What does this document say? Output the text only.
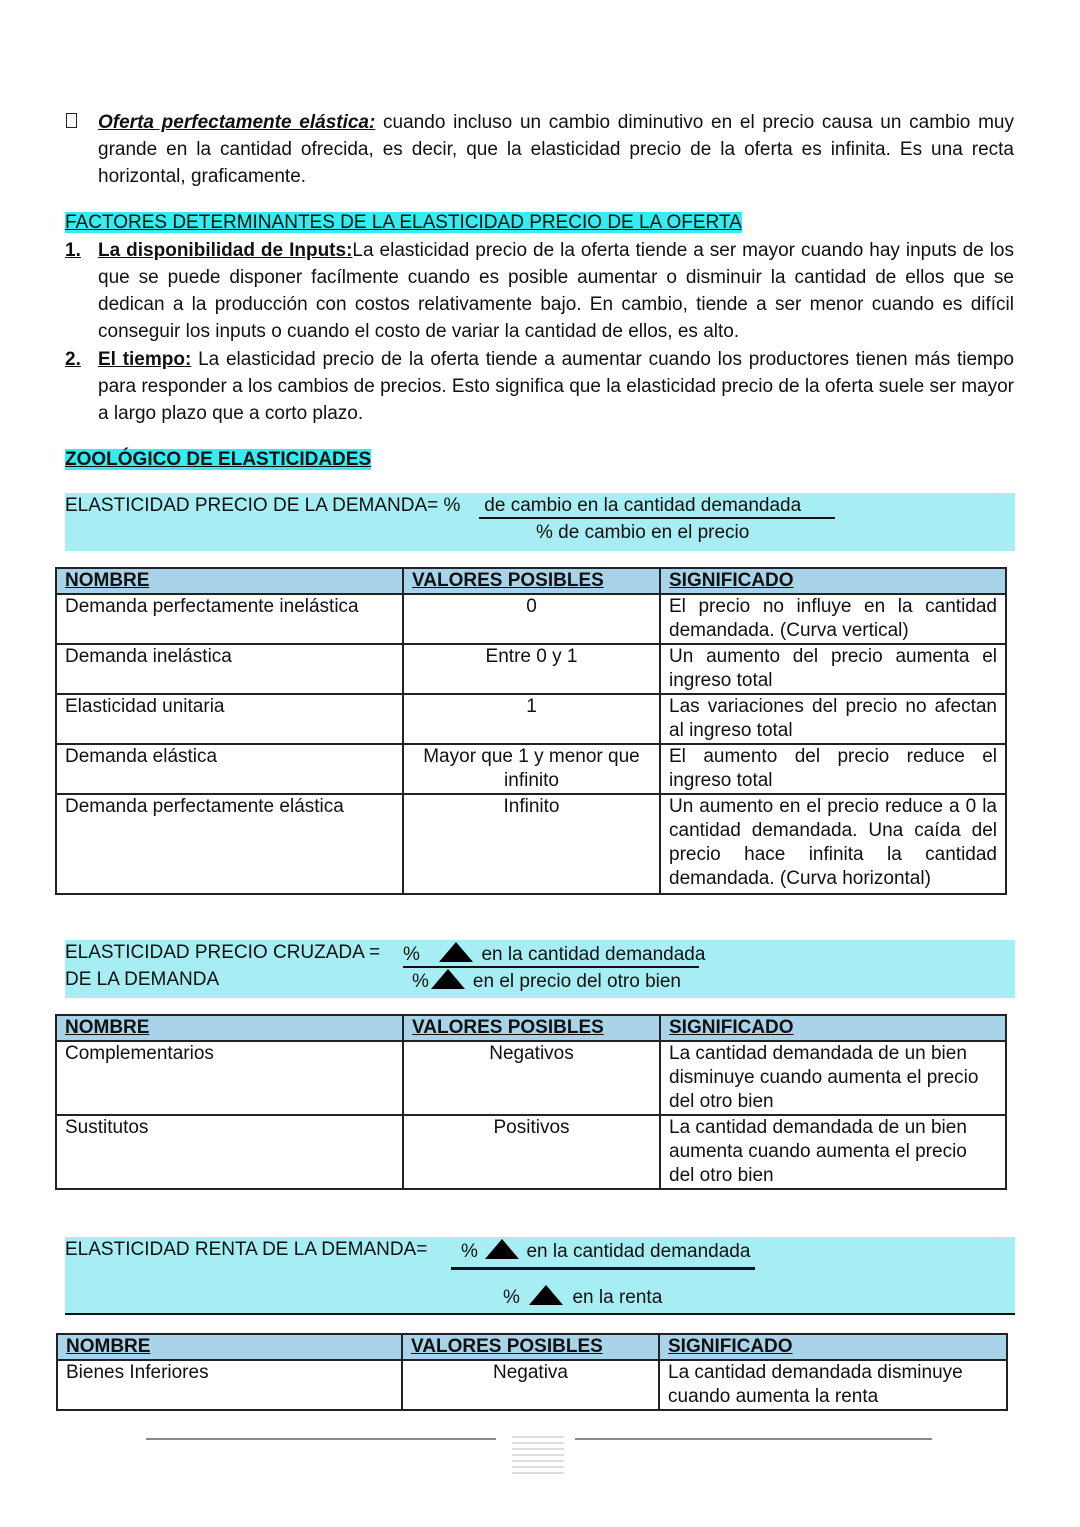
Oferta perfectamente elástica: cuando incluso un cambio diminutivo en el precio causa un cambio muy grande en la cantidad ofrecida, es decir, que la elasticidad precio de la oferta es infinita. Es una recta horizontal, graficamente.
FACTORES DETERMINANTES DE LA ELASTICIDAD PRECIO DE LA OFERTA
1. La disponibilidad de Inputs:La elasticidad precio de la oferta tiende a ser mayor cuando hay inputs de los que se puede disponer facílmente cuando es posible aumentar o disminuir la cantidad de ellos que se dedican a la producción con costos relativamente bajo. En cambio, tiende a ser menor cuando es difícil conseguir los inputs o cuando el costo de variar la cantidad de ellos, es alto.
2. El tiempo: La elasticidad precio de la oferta tiende a aumentar cuando los productores tienen más tiempo para responder a los cambios de precios. Esto significa que la elasticidad precio de la oferta suele ser mayor a largo plazo que a corto plazo.
ZOOLÓGICO DE ELASTICIDADES
ELASTICIDAD PRECIO DE LA DEMANDA= % de cambio en la cantidad demandada
% de cambio en el precio
NOMBRE	VALORES POSIBLES	SIGNIFICADO
Demanda perfectamente inelástica	0	El precio no influye en la cantidad demandada. (Curva vertical)
Demanda inelástica	Entre 0 y 1	Un aumento del precio aumenta el ingreso total
Elasticidad unitaria	1	Las variaciones del precio no afectan al ingreso total
Demanda elástica	Mayor que 1 y menor que infinito	El aumento del precio reduce el ingreso total
Demanda perfectamente elástica	Infinito	Un aumento en el precio reduce a 0 la cantidad demandada. Una caída del precio hace infinita la cantidad demandada. (Curva horizontal)
ELASTICIDAD PRECIO CRUZADA =
DE LA DEMANDA
%	en la cantidad demandada
% en el precio del otro bien
NOMBRE	VALORES POSIBLES	SIGNIFICADO
Complementarios	Negativos	La cantidad demandada de un bien disminuye cuando aumenta el precio del otro bien
Sustitutos	Positivos	La cantidad demandada de un bien aumenta cuando aumenta el precio del otro bien
ELASTICIDAD RENTA DE LA DEMANDA=	%	en la cantidad demandada
%	en la renta
NOMBRE	VALORES POSIBLES	SIGNIFICADO
Bienes Inferiores	Negativa	La cantidad demandada disminuye cuando aumenta la renta
